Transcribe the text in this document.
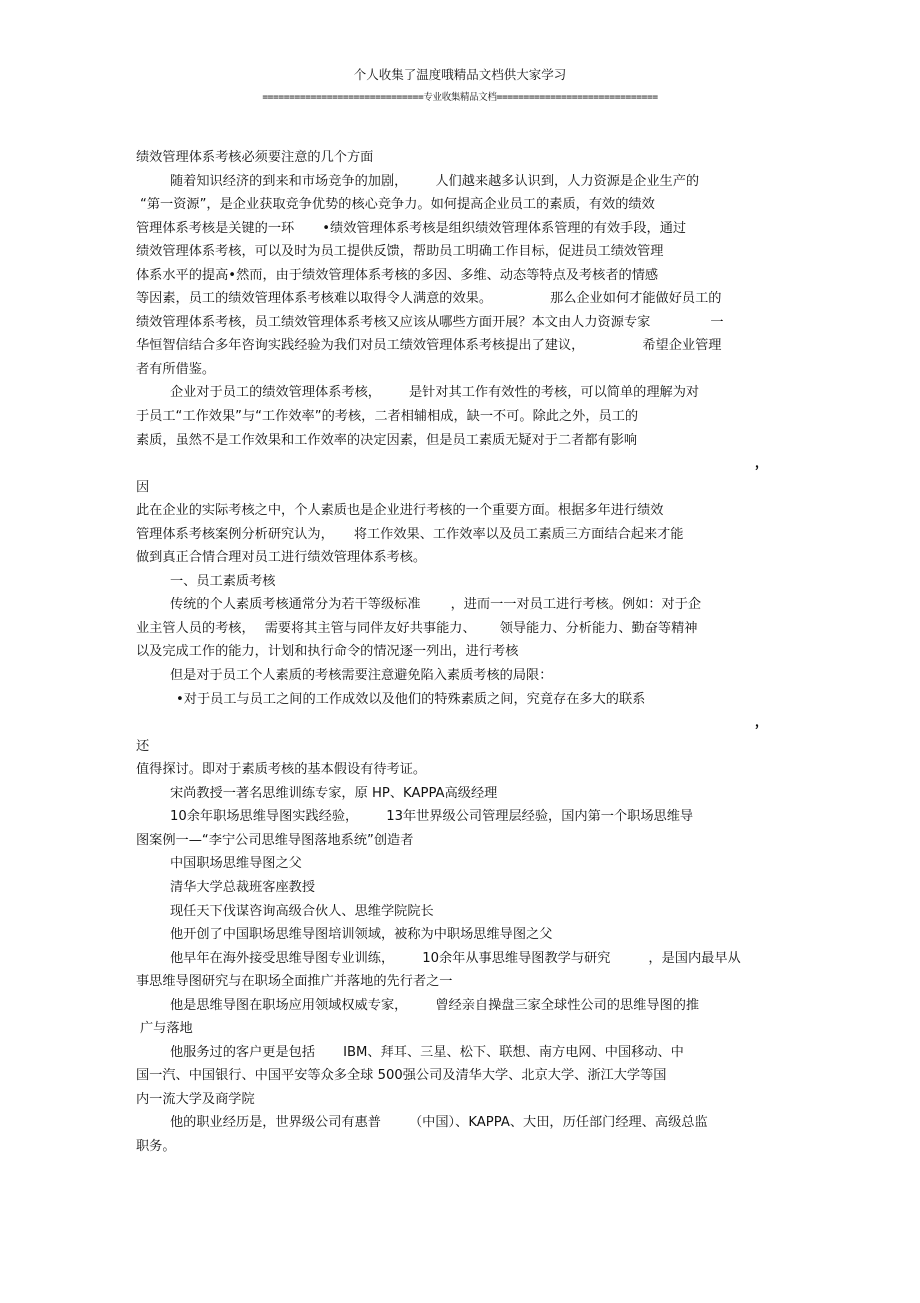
个人收集了温度哦精品文档供大家学习
==============================专业收集精品文档==============================
绩效管理体系考核必须要注意的几个方面
随着知识经济的到来和市场竞争的加剧， 人们越来越多认识到，人力资源是企业生产的
“第一资源”，是企业获取竞争优势的核心竞争力。如何提高企业员工的素质，有效的绩效
管理体系考核是关键的一环 •绩效管理体系考核是组织绩效管理体系管理的有效手段，通过
绩效管理体系考核，可以及时为员工提供反馈，帮助员工明确工作目标，促进员工绩效管理
体系水平的提高•然而，由于绩效管理体系考核的多因、多维、动态等特点及考核者的情感
等因素，员工的绩效管理体系考核难以取得令人满意的效果。	那么企业如何才能做好员工的
绩效管理体系考核，员工绩效管理体系考核又应该从哪些方面开展？本文由人力资源专家	一
华恒智信结合多年咨询实践经验为我们对员工绩效管理体系考核提出了建议，	希望企业管理
者有所借鉴。
企业对于员工的绩效管理体系考核， 是针对其工作有效性的考核，可以简单的理解为对
于员工“工作效果”与“工作效率”的考核，二者相辅相成，缺一不可。除此之外，员工的
素质，虽然不是工作效果和工作效率的决定因素，但是员工素质无疑对于二者都有影响
，
因
此在企业的实际考核之中，个人素质也是企业进行考核的一个重要方面。根据多年进行绩效
管理体系考核案例分析研究认为， 将工作效果、工作效率以及员工素质三方面结合起来才能
做到真正合情合理对员工进行绩效管理体系考核。
一、员工素质考核
传统的个人素质考核通常分为若干等级标准 ，进而一一对员工进行考核。例如：对于企
业主管人员的考核， 需要将其主管与同伴友好共事能力、 领导能力、分析能力、勤奋等精神
以及完成工作的能力，计划和执行命令的情况逐一列出，进行考核
但是对于员工个人素质的考核需要注意避免陷入素质考核的局限：
•对于员工与员工之间的工作成效以及他们的特殊素质之间，究竟存在多大的联系
，
还
值得探讨。即对于素质考核的基本假设有待考证。
宋尚教授一著名思维训练专家，原 HP、KAPPA高级经理
10余年职场思维导图实践经验， 13年世界级公司管理层经验，国内第一个职场思维导
图案例一—“李宁公司思维导图落地系统”创造者
中国职场思维导图之父
清华大学总裁班客座教授
现任天下伐谋咨询高级合伙人、思维学院院长
他开创了中国职场思维导图培训领域，被称为中职场思维导图之父
他早年在海外接受思维导图专业训练， 10余年从事思维导图教学与研究	，是国内最早从
事思维导图研究与在职场全面推广并落地的先行者之一
他是思维导图在职场应用领域权威专家， 曾经亲自操盘三家全球性公司的思维导图的推
广与落地
他服务过的客户更是包括 IBM、拜耳、三星、松下、联想、南方电网、中国移动、中
国一汽、中国银行、中国平安等众多全球 500强公司及清华大学、北京大学、浙江大学等国
内一流大学及商学院
他的职业经历是，世界级公司有惠普 （中国）、KAPPA、大田，历任部门经理、高级总监
职务。
